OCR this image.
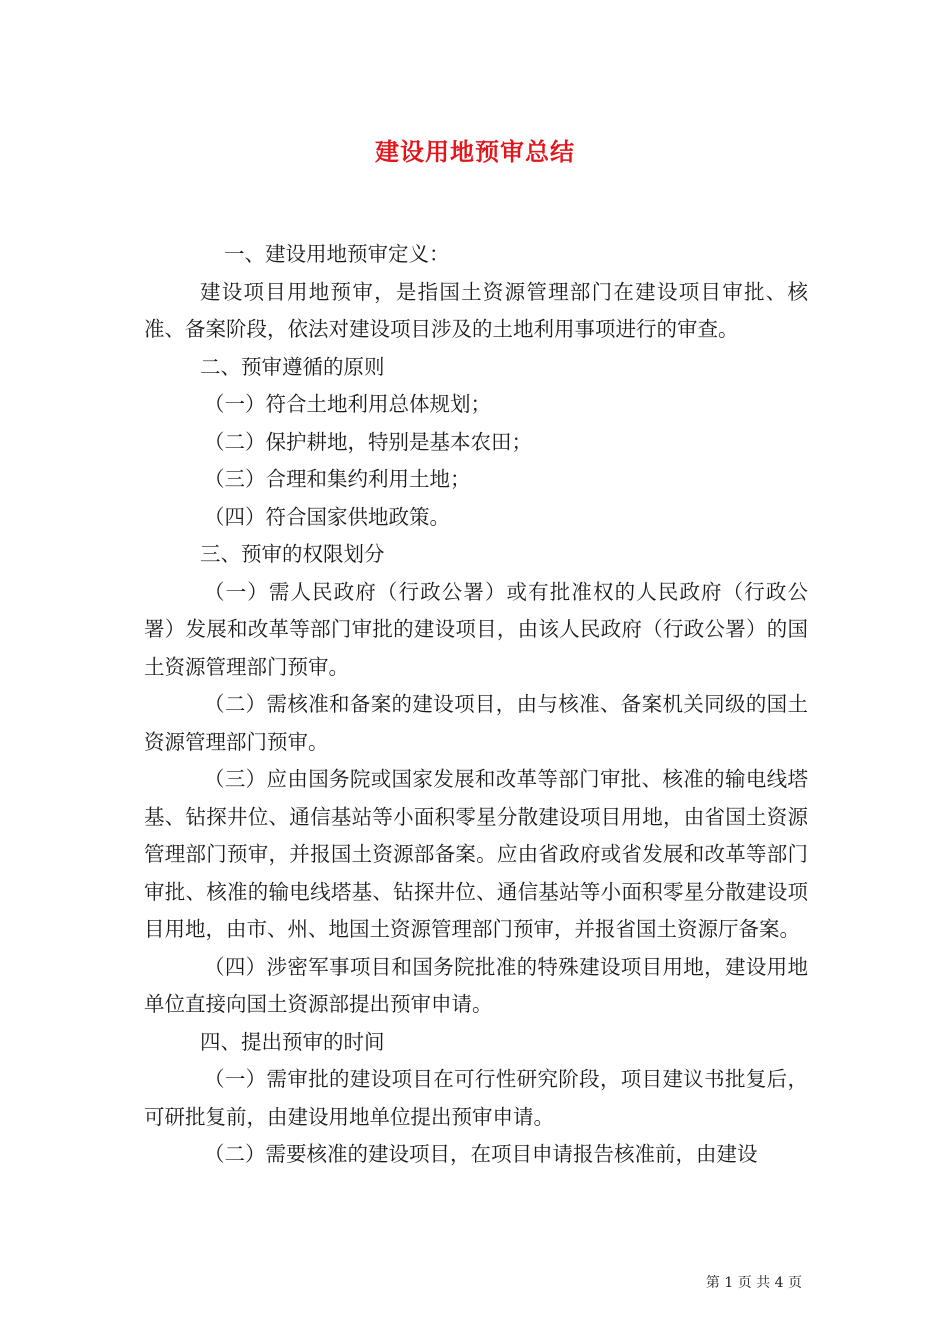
建设用地预审总结

一、建设用地预审定义：

建设项目用地预审，是指国土资源管理部门在建设项目审批、核准、备案阶段，依法对建设项目涉及的土地利用事项进行的审查。

二、预审遵循的原则

（一）符合土地利用总体规划；

（二）保护耕地，特别是基本农田；

（三）合理和集约利用土地；

（四）符合国家供地政策。

三、预审的权限划分

（一）需人民政府（行政公署）或有批准权的人民政府（行政公署）发展和改革等部门审批的建设项目，由该人民政府（行政公署）的国土资源管理部门预审。

（二）需核准和备案的建设项目，由与核准、备案机关同级的国土资源管理部门预审。

（三）应由国务院或国家发展和改革等部门审批、核准的输电线塔基、钻探井位、通信基站等小面积零星分散建设项目用地，由省国土资源管理部门预审，并报国土资源部备案。应由省政府或省发展和改革等部门审批、核准的输电线塔基、钻探井位、通信基站等小面积零星分散建设项目用地，由市、州、地国土资源管理部门预审，并报省国土资源厅备案。

（四）涉密军事项目和国务院批准的特殊建设项目用地，建设用地单位直接向国土资源部提出预审申请。

四、提出预审的时间

（一）需审批的建设项目在可行性研究阶段，项目建议书批复后，可研批复前，由建设用地单位提出预审申请。

（二）需要核准的建设项目，在项目申请报告核准前，由建设

第 1 页 共 4 页
